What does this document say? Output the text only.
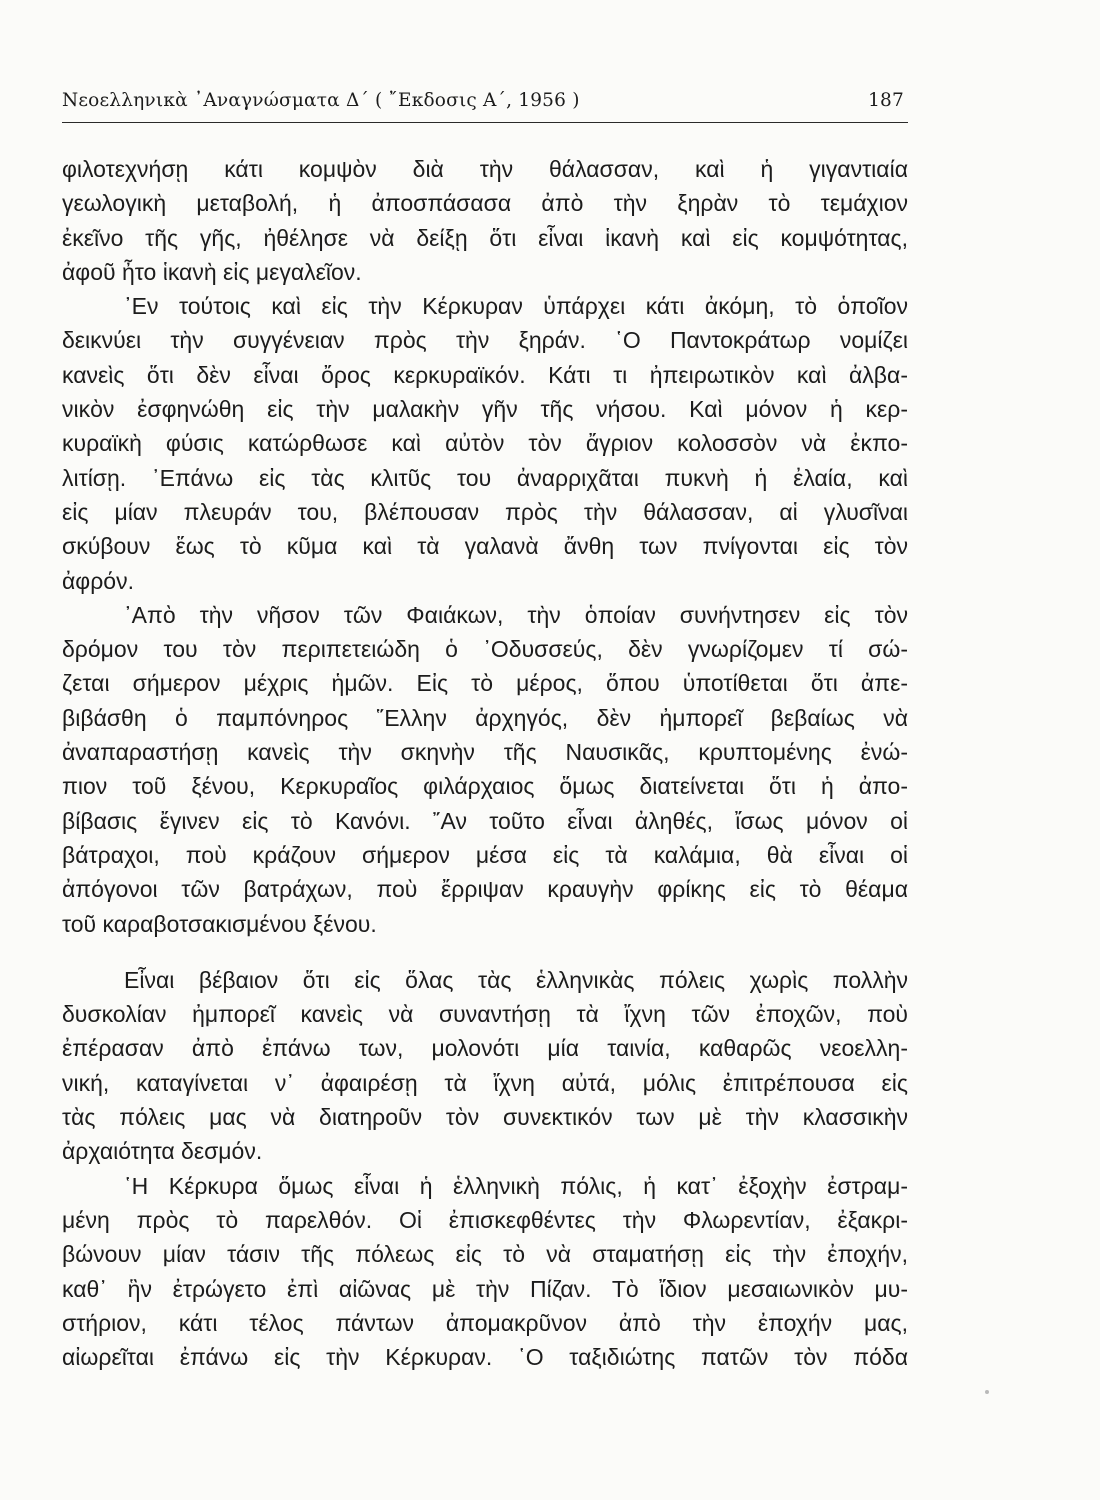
Νεοελληνικὰ ᾿Αναγνώσματα Δ΄ ( ῎Εκδοσις Α΄, 1956 )	187
φιλοτεχνήσῃ κάτι κομψὸν διὰ τὴν θάλασσαν, καὶ ἡ γιγαντιαία
γεωλογικὴ μεταβολή, ἡ ἀποσπάσασα ἀπὸ τὴν ξηρὰν τὸ τεμάχιον
ἐκεῖνο τῆς γῆς, ἠθέλησε νὰ δείξῃ ὅτι εἶναι ἱκανὴ καὶ εἰς κομψότητας,
ἀφοῦ ἦτο ἱκανὴ εἰς μεγαλεῖον.
᾿Εν τούτοις καὶ εἰς τὴν Κέρκυραν ὑπάρχει κάτι ἀκόμη, τὸ ὁποῖον
δεικνύει τὴν συγγένειαν πρὸς τὴν ξηράν. ῾Ο Παντοκράτωρ νομίζει
κανεὶς ὅτι δὲν εἶναι ὄρος κερκυραϊκόν. Κάτι τι ἠπειρωτικὸν καὶ ἀλβα-
νικὸν ἐσφηνώθη εἰς τὴν μαλακὴν γῆν τῆς νήσου. Καὶ μόνον ἡ κερ-
κυραϊκὴ φύσις κατώρθωσε καὶ αὐτὸν τὸν ἄγριον κολοσσὸν νὰ ἐκπο-
λιτίσῃ. ᾿Επάνω εἰς τὰς κλιτῦς του ἀναρριχᾶται πυκνὴ ἡ ἐλαία, καὶ
εἰς μίαν πλευράν του, βλέπουσαν πρὸς τὴν θάλασσαν, αἱ γλυσῖναι
σκύβουν ἕως τὸ κῦμα καὶ τὰ γαλανὰ ἄνθη των πνίγονται εἰς τὸν
ἀφρόν.
᾿Απὸ τὴν νῆσον τῶν Φαιάκων, τὴν ὁποίαν συνήντησεν εἰς τὸν
δρόμον του τὸν περιπετειώδη ὁ ᾿Οδυσσεύς, δὲν γνωρίζομεν τί σώ-
ζεται σήμερον μέχρις ἡμῶν. Εἰς τὸ μέρος, ὅπου ὑποτίθεται ὅτι ἀπε-
βιβάσθη ὁ παμπόνηρος ῞Ελλην ἀρχηγός, δὲν ἠμπορεῖ βεβαίως νὰ
ἀναπαραστήσῃ κανεὶς τὴν σκηνὴν τῆς Ναυσικᾶς, κρυπτομένης ἐνώ-
πιον τοῦ ξένου, Κερκυραῖος φιλάρχαιος ὅμως διατείνεται ὅτι ἡ ἀπο-
βίβασις ἔγινεν εἰς τὸ Κανόνι. ῎Αν τοῦτο εἶναι ἀληθές, ἴσως μόνον οἱ
βάτραχοι, ποὺ κράζουν σήμερον μέσα εἰς τὰ καλάμια, θὰ εἶναι οἱ
ἀπόγονοι τῶν βατράχων, ποὺ ἔρριψαν κραυγὴν φρίκης εἰς τὸ θέαμα
τοῦ καραβοτσακισμένου ξένου.
Εἶναι βέβαιον ὅτι εἰς ὅλας τὰς ἑλληνικὰς πόλεις χωρὶς πολλὴν
δυσκολίαν ἠμπορεῖ κανεὶς νὰ συναντήσῃ τὰ ἴχνη τῶν ἐποχῶν, ποὺ
ἐπέρασαν ἀπὸ ἐπάνω των, μολονότι μία ταινία, καθαρῶς νεοελλη-
νική, καταγίνεται ν᾿ ἀφαιρέσῃ τὰ ἴχνη αὐτά, μόλις ἐπιτρέπουσα εἰς
τὰς πόλεις μας νὰ διατηροῦν τὸν συνεκτικόν των μὲ τὴν κλασσικὴν
ἀρχαιότητα δεσμόν.
῾Η Κέρκυρα ὅμως εἶναι ἡ ἑλληνικὴ πόλις, ἡ κατ᾿ ἐξοχὴν ἐστραμ-
μένη πρὸς τὸ παρελθόν. Οἱ ἐπισκεφθέντες τὴν Φλωρεντίαν, ἐξακρι-
βώνουν μίαν τάσιν τῆς πόλεως εἰς τὸ νὰ σταματήσῃ εἰς τὴν ἐποχήν,
καθ᾿ ἣν ἐτρώγετο ἐπὶ αἰῶνας μὲ τὴν Πίζαν. Τὸ ἴδιον μεσαιωνικὸν μυ-
στήριον, κάτι τέλος πάντων ἀπομακρῦνον ἀπὸ τὴν ἐποχήν μας,
αἰωρεῖται ἐπάνω εἰς τὴν Κέρκυραν. ῾Ο ταξιδιώτης πατῶν τὸν πόδα
